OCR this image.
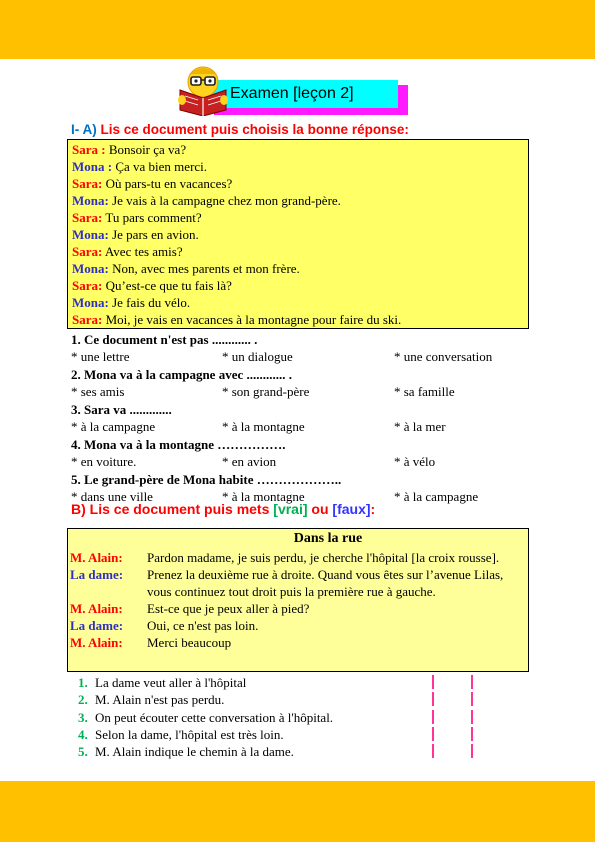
Examen [leçon 2]
I- A) Lis ce document puis choisis la bonne réponse:
Sara : Bonsoir ça va?
Mona : Ça va bien merci.
Sara: Où pars-tu en vacances?
Mona: Je vais à la campagne chez mon grand-père.
Sara: Tu pars comment?
Mona: Je pars en avion.
Sara: Avec tes amis?
Mona: Non, avec mes parents et mon frère.
Sara: Qu’est-ce que tu fais là?
Mona: Je fais du vélo.
Sara: Moi, je vais en vacances à la montagne pour faire du ski.
1. Ce document n'est pas ............ .
* une lettre	* un dialogue	* une conversation
2. Mona va à la campagne avec ............ .
* ses amis	* son grand-père	* sa famille
3. Sara va .............
* à la campagne	* à la montagne	* à la mer
4. Mona va à la montagne …………….
* en voiture.	* en avion	* à vélo
5. Le grand-père de Mona habite ………………..
* dans une ville	* à la montagne	* à la campagne
B) Lis ce document puis mets [vrai] ou [faux]:
Dans la rue
M. Alain: Pardon madame, je suis perdu, je cherche l'hôpital [la croix rousse].
La dame: Prenez la deuxième rue à droite. Quand vous êtes sur l’avenue Lilas, vous continuez tout droit puis la première rue à gauche.
M. Alain: Est-ce que je peux aller à pied?
La dame: Oui, ce n'est pas loin.
M. Alain: Merci beaucoup
1. La dame veut aller à l'hôpital
2. M. Alain n'est pas perdu.
3. On peut écouter cette conversation à l'hôpital.
4. Selon la dame, l'hôpital est très loin.
5. M. Alain indique le chemin à la dame.
